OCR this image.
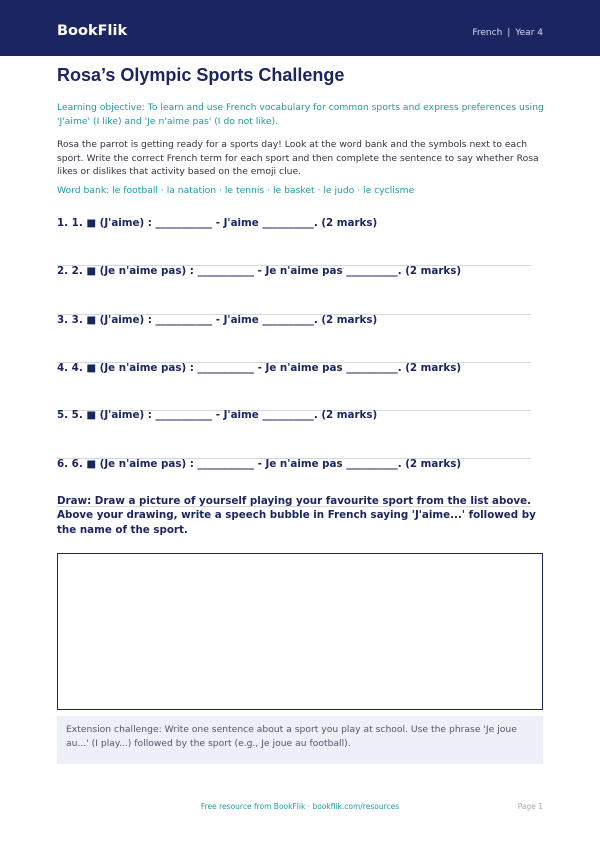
BookFlik	French | Year 4
Rosa’s Olympic Sports Challenge
Learning objective: To learn and use French vocabulary for common sports and express preferences using 'J'aime' (I like) and 'Je n'aime pas' (I do not like).
Rosa the parrot is getting ready for a sports day! Look at the word bank and the symbols next to each sport. Write the correct French term for each sport and then complete the sentence to say whether Rosa likes or dislikes that activity based on the emoji clue.
Word bank: le football · la natation · le tennis · le basket · le judo · le cyclisme
1. 1. ■ (J'aime) : ___________ - J'aime __________. (2 marks)
2. 2. ■ (Je n'aime pas) : ___________ - Je n'aime pas __________. (2 marks)
3. 3. ■ (J'aime) : ___________ - J'aime __________. (2 marks)
4. 4. ■ (Je n'aime pas) : ___________ - Je n'aime pas __________. (2 marks)
5. 5. ■ (J'aime) : ___________ - J'aime __________. (2 marks)
6. 6. ■ (Je n'aime pas) : ___________ - Je n'aime pas __________. (2 marks)
Draw: Draw a picture of yourself playing your favourite sport from the list above. Above your drawing, write a speech bubble in French saying 'J'aime...' followed by the name of the sport.
Extension challenge: Write one sentence about a sport you play at school. Use the phrase 'Je joue au...' (I play...) followed by the sport (e.g., Je joue au football).
Free resource from BookFlik · bookflik.com/resources	Page 1
